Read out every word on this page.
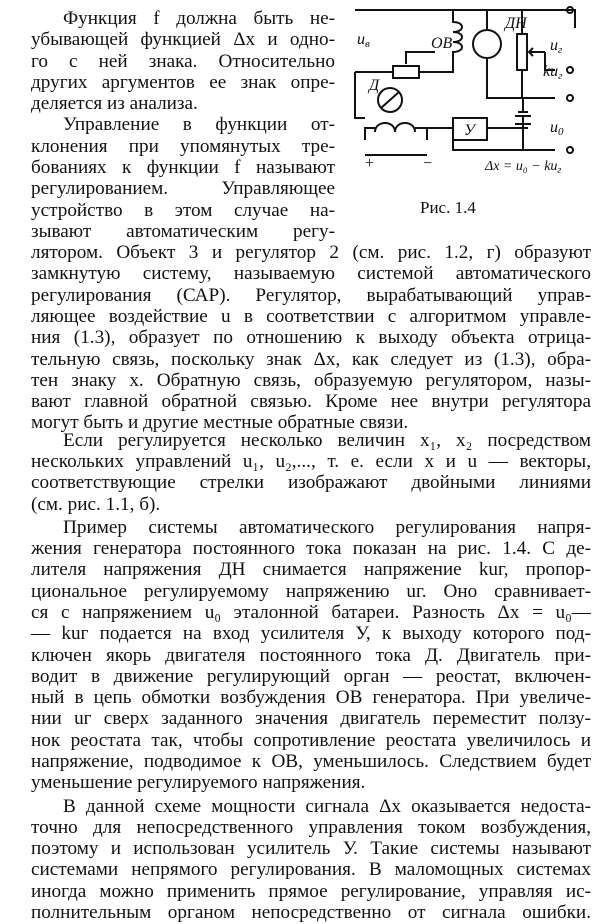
uв	ОВ
ДН
uг
kuг
Д
У	u0
$\Delta x = u_0 - ku_г$
+	−
Рис. 1.4
Функция f должна быть не-
убывающей функцией Δx и одно-
го с ней знака. Относительно
других аргументов ее знак опре-
деляется из анализа.
Управление в функции от-
клонения при упомянутых тре-
бованиях к функции f называют
регулированием. Управляющее
устройство в этом случае на-
зывают автоматическим регу-
лятором. Объект 3 и регулятор 2 (см. рис. 1.2, г) образуют
замкнутую систему, называемую системой автоматического
регулирования (САР). Регулятор, вырабатывающий управ-
ляющее воздействие u в соответствии с алгоритмом управле-
ния (1.3), образует по отношению к выходу объекта отрица-
тельную связь, поскольку знак Δx, как следует из (1.3), обра-
тен знаку x. Обратную связь, образуемую регулятором, назы-
вают главной обратной связью. Кроме нее внутри регулятора
могут быть и другие местные обратные связи.
Если регулируется несколько величин x₁, x₂ посредством
нескольких управлений u₁, u₂,..., т. е. если x и u — векторы,
соответствующие стрелки изображают двойными линиями
(см. рис. 1.1, б).
Пример системы автоматического регулирования напря-
жения генератора постоянного тока показан на рис. 1.4. С де-
лителя напряжения ДН снимается напряжение kuг, пропор-
циональное регулируемому напряжению uг. Оно сравнивает-
ся с напряжением u₀ эталонной батареи. Разность Δx = u₀—
— kuг подается на вход усилителя У, к выходу которого под-
ключен якорь двигателя постоянного тока Д. Двигатель при-
водит в движение регулирующий орган — реостат, включен-
ный в цепь обмотки возбуждения ОВ генератора. При увеличе-
нии uг сверх заданного значения двигатель переместит ползу-
нок реостата так, чтобы сопротивление реостата увеличилось и
напряжение, подводимое к ОВ, уменьшилось. Следствием будет
уменьшение регулируемого напряжения.
В данной схеме мощности сигнала Δx оказывается недоста-
точно для непосредственного управления током возбуждения,
поэтому и использован усилитель У. Такие системы называют
системами непрямого регулирования. В маломощных системах
иногда можно применить прямое регулирование, управляя ис-
полнительным органом непосредственно от сигнала ошибки.
